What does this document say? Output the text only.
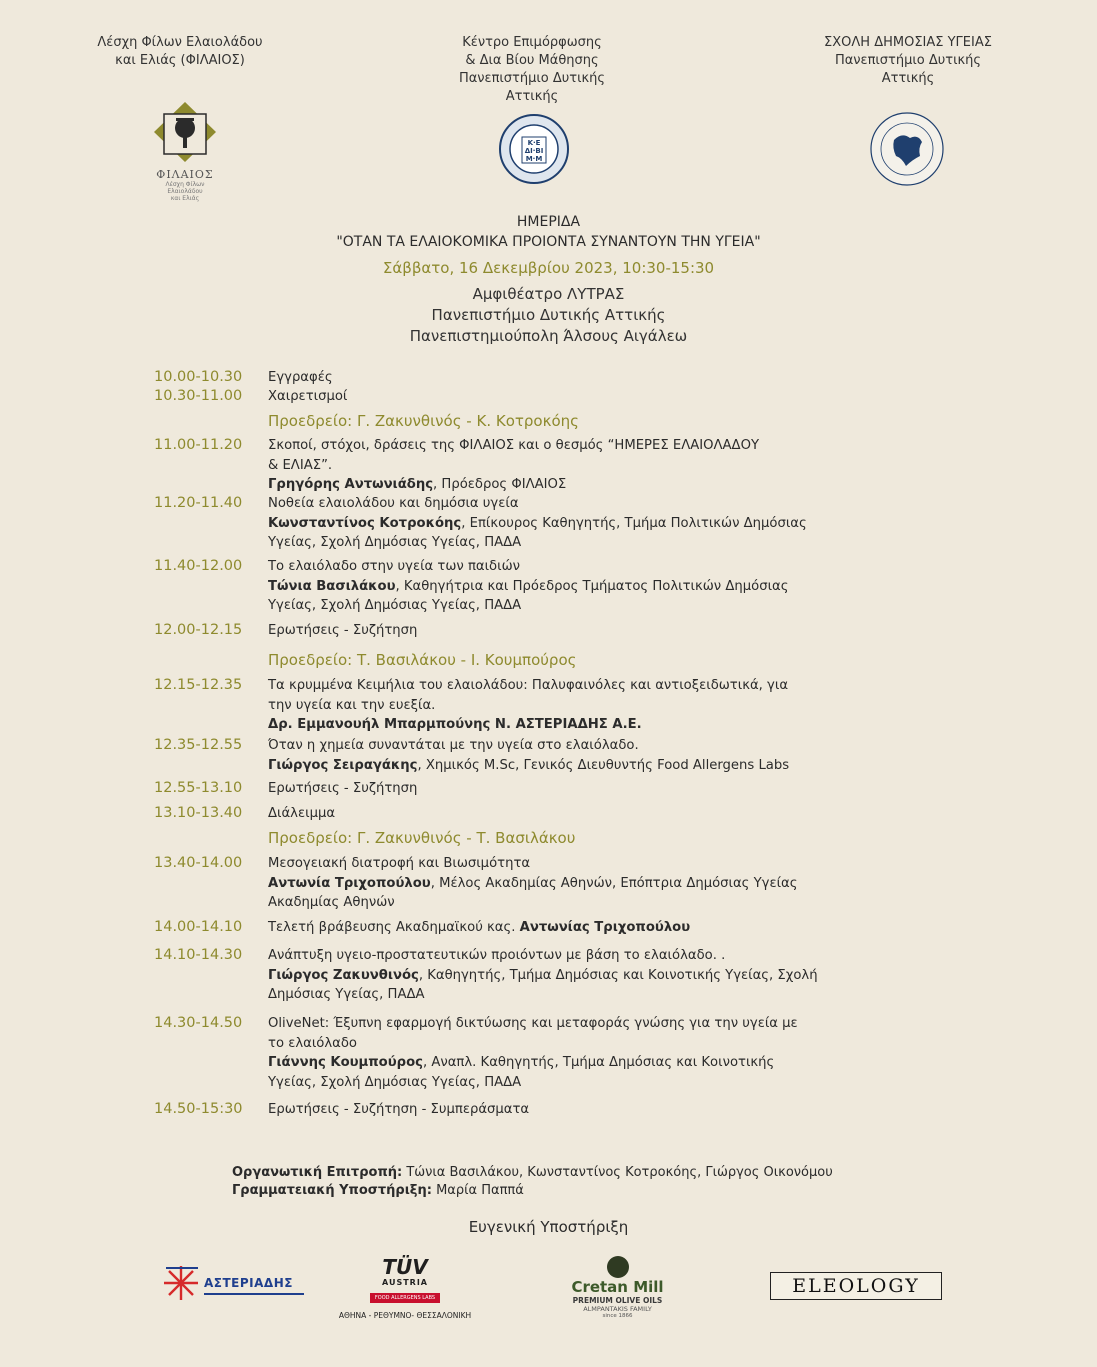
Λέσχη Φίλων Ελαιολάδου
και Ελιάς (ΦΙΛΑΙΟΣ)
Κέντρο Επιμόρφωσης
& Δια Βίου Μάθησης
Πανεπιστήμιο Δυτικής
Αττικής
ΣΧΟΛΗ ΔΗΜΟΣΙΑΣ ΥΓΕΙΑΣ
Πανεπιστήμιο Δυτικής
Αττικής
ΦΙΛΑΙΟΣ
Λέσχη Φίλων
Ελαιολάδου
και Ελιάς
Κ·Ε ΔΙ·ΒΙ Μ·Μ
ΗΜΕΡΙΔΑ
"ΟΤΑΝ ΤΑ ΕΛΑΙΟΚΟΜΙΚΑ ΠΡΟΙΟΝΤΑ ΣΥΝΑΝΤΟΥΝ ΤΗΝ ΥΓΕΙΑ"
Σάββατο, 16 Δεκεμβρίου 2023, 10:30-15:30
Αμφιθέατρο ΛΥΤΡΑΣ
Πανεπιστήμιο Δυτικής Αττικής
Πανεπιστημιούπολη Άλσους Αιγάλεω
10.00-10.30 Εγγραφές
10.30-11.00 Χαιρετισμοί
Προεδρείο: Γ. Ζακυνθινός - Κ. Κοτροκόης
11.00-11.20 Σκοποί, στόχοι, δράσεις της ΦΙΛΑΙΟΣ και ο θεσμός “ΗΜΕΡΕΣ ΕΛΑΙΟΛΑΔΟΥ
& ΕΛΙΑΣ”.
Γρηγόρης Αντωνιάδης, Πρόεδρος ΦΙΛΑΙΟΣ
11.20-11.40 Νοθεία ελαιολάδου και δημόσια υγεία
Κωνσταντίνος Κοτροκόης, Επίκουρος Καθηγητής, Τμήμα Πολιτικών Δημόσιας
Υγείας, Σχολή Δημόσιας Υγείας, ΠΑΔΑ
11.40-12.00 Το ελαιόλαδο στην υγεία των παιδιών
Τώνια Βασιλάκου, Καθηγήτρια και Πρόεδρος Τμήματος Πολιτικών Δημόσιας
Υγείας, Σχολή Δημόσιας Υγείας, ΠΑΔΑ
12.00-12.15 Ερωτήσεις - Συζήτηση
Προεδρείο: Τ. Βασιλάκου - Ι. Κουμπούρος
12.15-12.35 Τα κρυμμένα Κειμήλια του ελαιολάδου: Παλυφαινόλες και αντιοξειδωτικά, για
την υγεία και την ευεξία.
Δρ. Εμμανουήλ Μπαρμπούνης Ν. ΑΣΤΕΡΙΑΔΗΣ Α.Ε.
12.35-12.55 Όταν η χημεία συναντάται με την υγεία στο ελαιόλαδο.
Γιώργος Σειραγάκης, Χημικός M.Sc, Γενικός Διευθυντής Food Allergens Labs
12.55-13.10 Ερωτήσεις - Συζήτηση
13.10-13.40 Διάλειμμα
Προεδρείο: Γ. Ζακυνθινός - Τ. Βασιλάκου
13.40-14.00 Μεσογειακή διατροφή και Βιωσιμότητα
Αντωνία Τριχοπούλου, Μέλος Ακαδημίας Αθηνών, Επόπτρια Δημόσιας Υγείας
Ακαδημίας Αθηνών
14.00-14.10 Τελετή βράβευσης Ακαδημαϊκού κας. Αντωνίας Τριχοπούλου
14.10-14.30 Ανάπτυξη υγειο-προστατευτικών προιόντων με βάση το ελαιόλαδο. .
Γιώργος Ζακυνθινός, Καθηγητής, Τμήμα Δημόσιας και Κοινοτικής Υγείας, Σχολή
Δημόσιας Υγείας, ΠΑΔΑ
14.30-14.50 OliveNet: Έξυπνη εφαρμογή δικτύωσης και μεταφοράς γνώσης για την υγεία με
το ελαιόλαδο
Γιάννης Κουμπούρος, Αναπλ. Καθηγητής, Τμήμα Δημόσιας και Κοινοτικής
Υγείας, Σχολή Δημόσιας Υγείας, ΠΑΔΑ
14.50-15:30 Ερωτήσεις - Συζήτηση - Συμπεράσματα
Οργανωτική Επιτροπή: Τώνια Βασιλάκου, Κωνσταντίνος Κοτροκόης, Γιώργος Οικονόμου
Γραμματειακή Υποστήριξη: Μαρία Παππά
Ευγενική Υποστήριξη
ΑΣΤΕΡΙΑΔΗΣ
TÜV
AUSTRIA
FOOD ALLERGENS LABS
ΑΘΗΝΑ - ΡΕΘΥΜΝΟ- ΘΕΣΣΑΛΟΝΙΚΗ
Cretan Mill
PREMIUM OLIVE OILS
ALMPANTAKIS FAMILY
since 1866
ELEOLOGY
